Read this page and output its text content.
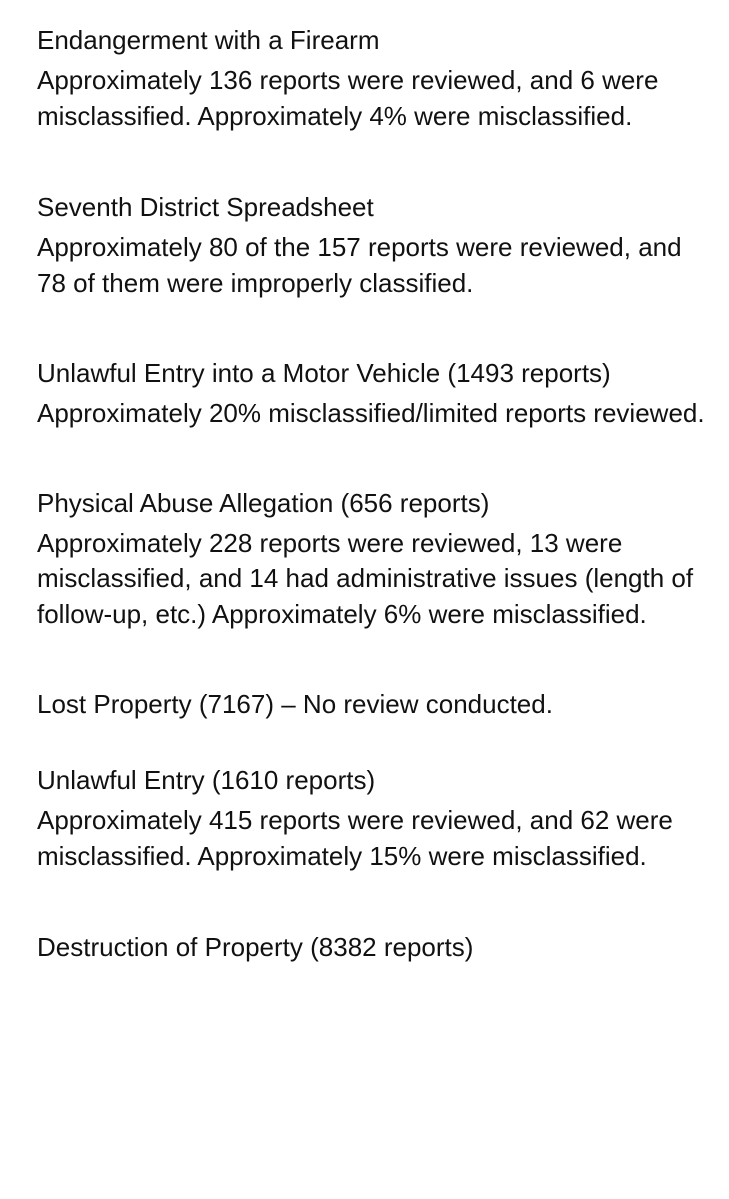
Endangerment with a Firearm

Approximately 136 reports were reviewed, and 6 were misclassified. Approximately 4% were misclassified.

Seventh District Spreadsheet

Approximately 80 of the 157 reports were reviewed, and 78 of them were improperly classified.

Unlawful Entry into a Motor Vehicle (1493 reports)

Approximately 20% misclassified/limited reports reviewed.

Physical Abuse Allegation (656 reports)

Approximately 228 reports were reviewed, 13 were misclassified, and 14 had administrative issues (length of follow-up, etc.) Approximately 6% were misclassified.

Lost Property (7167) – No review conducted.

Unlawful Entry (1610 reports)

Approximately 415 reports were reviewed, and 62 were misclassified. Approximately 15% were misclassified.

Destruction of Property (8382 reports)
